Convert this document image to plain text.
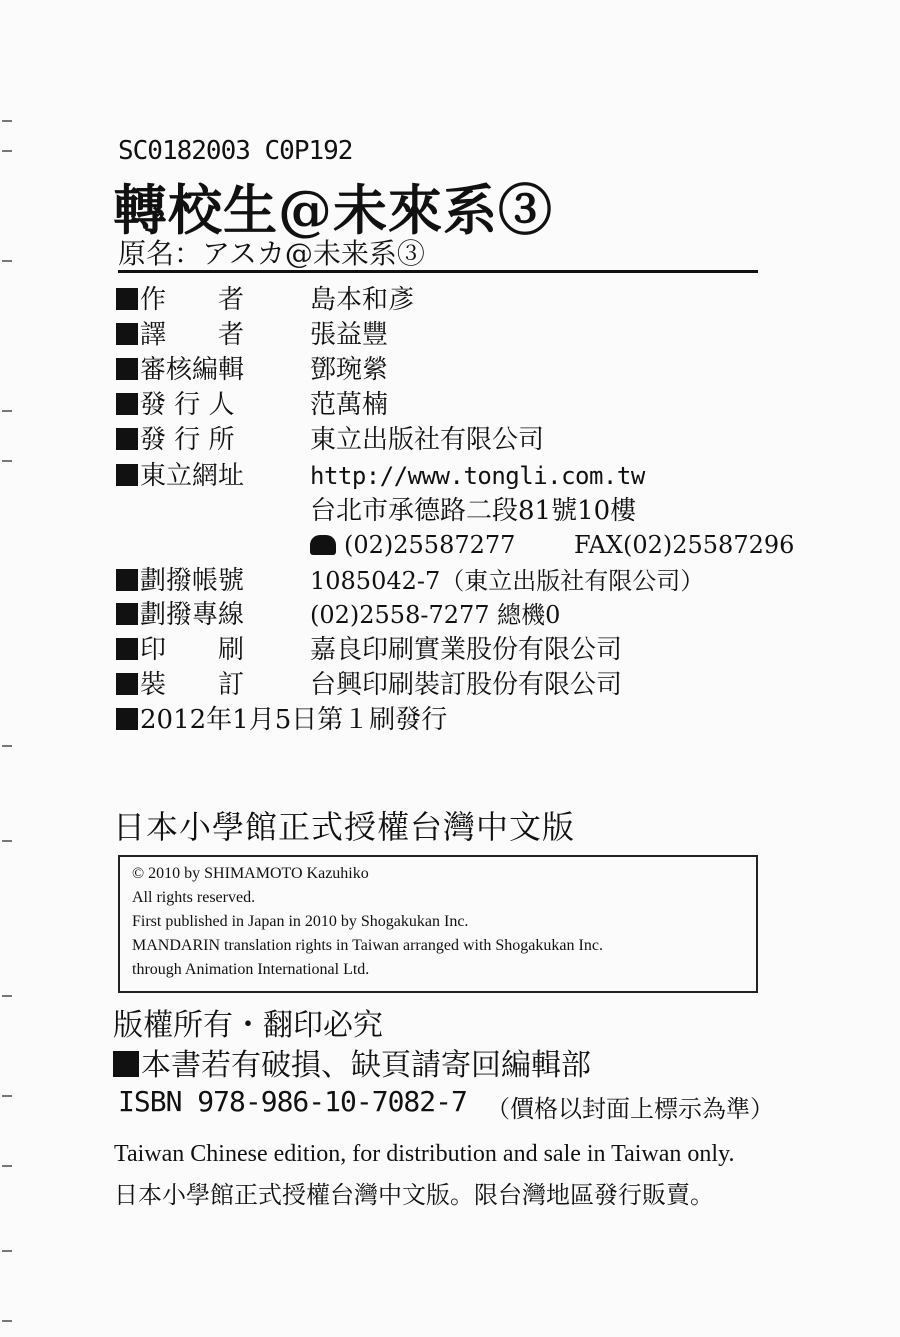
SC0182003 C0P192
轉校生@未來系③
原名：アスカ@未来系③
作　　者	島本和彥
譯　　者	張益豐
審核編輯	鄧琬縈
發 行 人	范萬楠
發 行 所	東立出版社有限公司
東立網址	http://www.tongli.com.tw
台北市承德路二段81號10樓
(02)25587277 FAX(02)25587296
劃撥帳號	1085042-7（東立出版社有限公司）
劃撥專線	(02)2558-7277 總機0
印　　刷	嘉良印刷實業股份有限公司
裝　　訂	台興印刷裝訂股份有限公司
2012年1月5日第１刷發行
日本小學館正式授權台灣中文版
© 2010 by SHIMAMOTO Kazuhiko
All rights reserved.
First published in Japan in 2010 by Shogakukan Inc.
MANDARIN translation rights in Taiwan arranged with Shogakukan Inc.
through Animation International Ltd.
版權所有・翻印必究
本書若有破損、缺頁請寄回編輯部
ISBN 978-986-10-7082-7 （價格以封面上標示為準）
Taiwan Chinese edition, for distribution and sale in Taiwan only.
日本小學館正式授權台灣中文版。限台灣地區發行販賣。
